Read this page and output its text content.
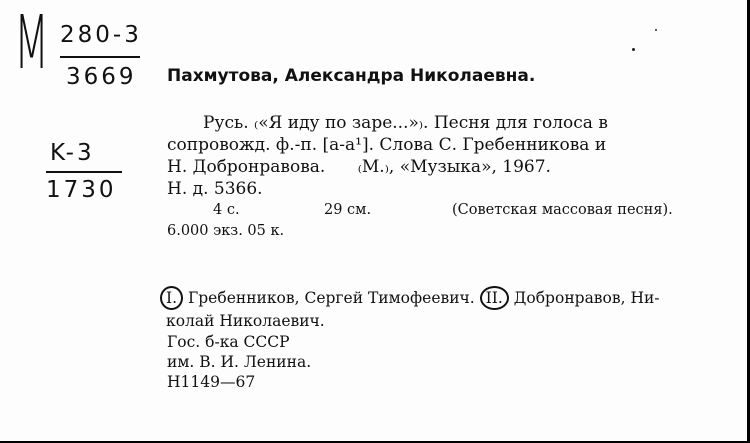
M 280-3
3669
K-3
1730
Пахмутова, Александра Николаевна.
Русь. ₍«Я иду по заре...»₎. Песня для голоса в
сопровожд. ф.-п. [a-a¹]. Слова С. Гребенникова и
Н. Добронравова.      ₍М.₎, «Музыка», 1967.
Н. д. 5366.
4 с.	29 см.	(Советская массовая песня).
6.000 экз. 05 к.
I. Гребенников, Сергей Тимофеевич. II. Добронравов, Ни-
колай Николаевич.
Гос. б-ка СССР
им. В. И. Ленина.
Н1149—67
